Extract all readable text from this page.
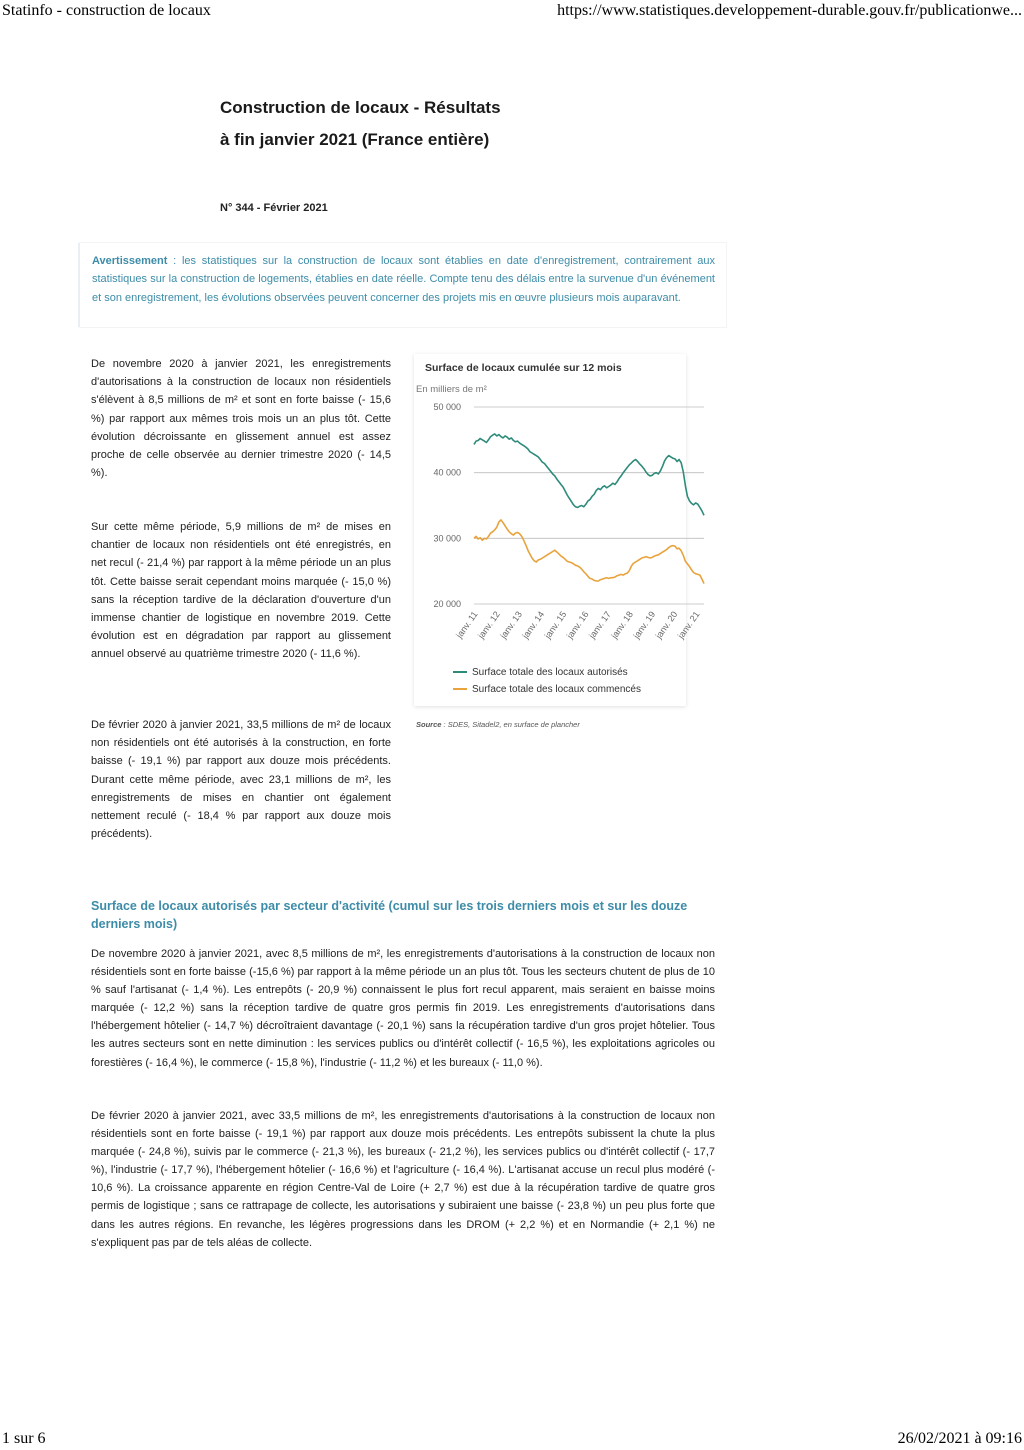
Statinfo - construction de locaux	https://www.statistiques.developpement-durable.gouv.fr/publicationwe...
1 sur 6	26/02/2021 à 09:16
Construction de locaux - Résultats
à fin janvier 2021 (France entière)
N° 344 - Février 2021

Avertissement : les statistiques sur la construction de locaux sont établies en date d'enregistrement, contrairement aux statistiques sur la construction de logements, établies en date réelle. Compte tenu des délais entre la survenue d'un événement et son enregistrement, les évolutions observées peuvent concerner des projets mis en œuvre plusieurs mois auparavant.

De novembre 2020 à janvier 2021, les enregistrements d'autorisations à la construction de locaux non résidentiels s'élèvent à 8,5 millions de m² et sont en forte baisse (- 15,6 %) par rapport aux mêmes trois mois un an plus tôt. Cette évolution décroissante en glissement annuel est assez proche de celle observée au dernier trimestre 2020 (- 14,5 %).

Sur cette même période, 5,9 millions de m² de mises en chantier de locaux non résidentiels ont été enregistrés, en net recul (- 21,4 %) par rapport à la même période un an plus tôt. Cette baisse serait cependant moins marquée (- 15,0 %) sans la réception tardive de la déclaration d'ouverture d'un immense chantier de logistique en novembre 2019. Cette évolution est en dégradation par rapport au glissement annuel observé au quatrième trimestre 2020 (- 11,6 %).

De février 2020 à janvier 2021, 33,5 millions de m² de locaux non résidentiels ont été autorisés à la construction, en forte baisse (- 19,1 %) par rapport aux douze mois précédents. Durant cette même période, avec 23,1 millions de m², les enregistrements de mises en chantier ont également nettement reculé (- 18,4 % par rapport aux douze mois précédents).

Surface de locaux cumulée sur 12 mois
En milliers de m²
20 000
30 000
40 000
50 000
janv. 11
janv. 12
janv. 13
janv. 14
janv. 15
janv. 16
janv. 17
janv. 18
janv. 19
janv. 20
janv. 21
Surface totale des locaux autorisés
Surface totale des locaux commencés
Source : SDES, Sitadel2, en surface de plancher
Surface de locaux autorisés par secteur d'activité (cumul sur les trois derniers mois et sur les douze derniers mois)

De novembre 2020 à janvier 2021, avec 8,5 millions de m², les enregistrements d'autorisations à la construction de locaux non résidentiels sont en forte baisse (-15,6 %) par rapport à la même période un an plus tôt. Tous les secteurs chutent de plus de 10 % sauf l'artisanat (- 1,4 %). Les entrepôts (- 20,9 %) connaissent le plus fort recul apparent, mais seraient en baisse moins marquée (- 12,2 %) sans la réception tardive de quatre gros permis fin 2019. Les enregistrements d'autorisations dans l'hébergement hôtelier (- 14,7 %) décroîtraient davantage (- 20,1 %) sans la récupération tardive d'un gros projet hôtelier. Tous les autres secteurs sont en nette diminution : les services publics ou d'intérêt collectif (- 16,5 %), les exploitations agricoles ou forestières (- 16,4 %), le commerce (- 15,8 %), l'industrie (- 11,2 %) et les bureaux (- 11,0 %).

De février 2020 à janvier 2021, avec 33,5 millions de m², les enregistrements d'autorisations à la construction de locaux non résidentiels sont en forte baisse (- 19,1 %) par rapport aux douze mois précédents. Les entrepôts subissent la chute la plus marquée (- 24,8 %), suivis par le commerce (- 21,3 %), les bureaux (- 21,2 %), les services publics ou d'intérêt collectif (- 17,7 %), l'industrie (- 17,7 %), l'hébergement hôtelier (- 16,6 %) et l'agriculture (- 16,4 %). L'artisanat accuse un recul plus modéré (- 10,6 %). La croissance apparente en région Centre-Val de Loire (+ 2,7 %) est due à la récupération tardive de quatre gros permis de logistique ; sans ce rattrapage de collecte, les autorisations y subiraient une baisse (- 23,8 %) un peu plus forte que dans les autres régions. En revanche, les légères progressions dans les DROM (+ 2,2 %) et en Normandie (+ 2,1 %) ne s'expliquent pas par de tels aléas de collecte.
